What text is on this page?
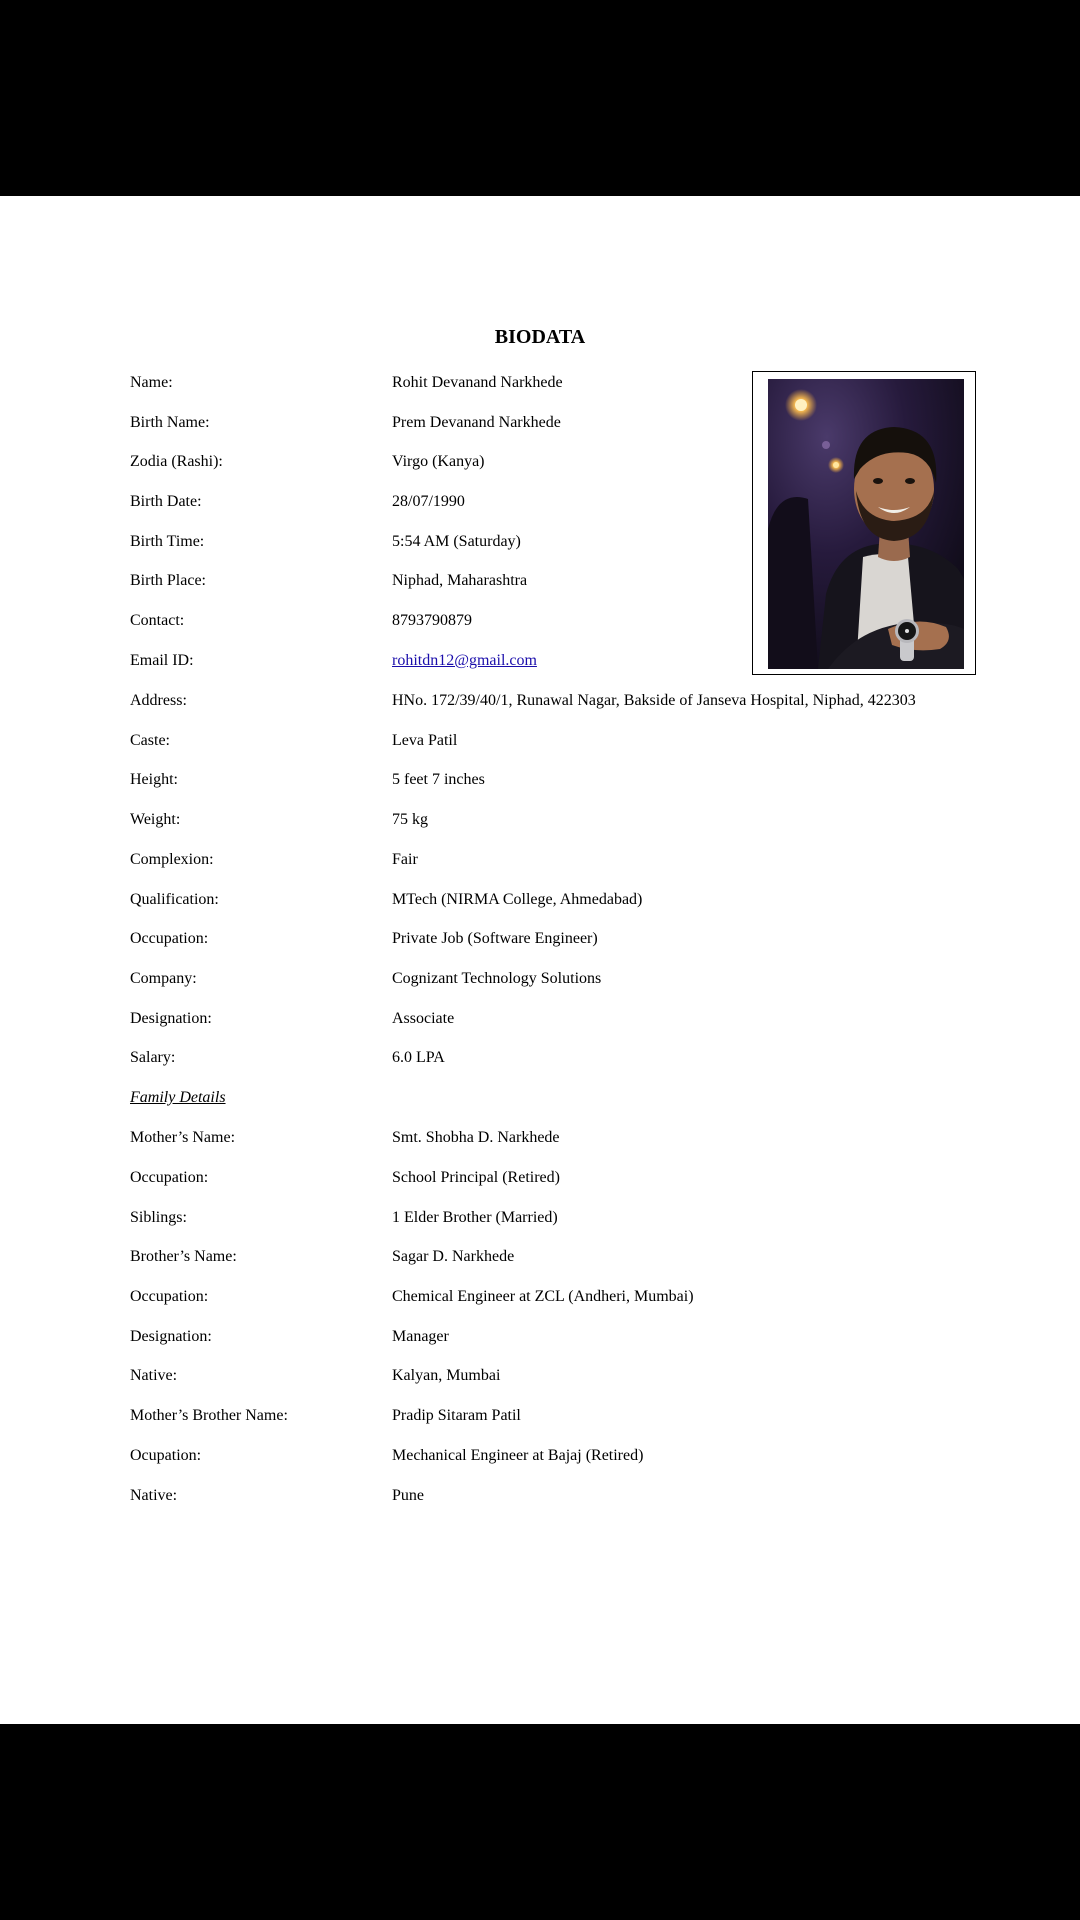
BIODATA
Name:	Rohit Devanand Narkhede
Birth Name:	Prem Devanand Narkhede
Zodia (Rashi):	Virgo (Kanya)
Birth Date:	28/07/1990
Birth Time:	5:54 AM (Saturday)
Birth Place:	Niphad, Maharashtra
Contact:	8793790879
Email ID:	rohitdn12@gmail.com
Address:	HNo. 172/39/40/1, Runawal Nagar, Bakside of Janseva Hospital, Niphad, 422303
Caste:	Leva Patil
Height:	5 feet 7 inches
Weight:	75 kg
Complexion:	Fair
Qualification:	MTech (NIRMA College, Ahmedabad)
Occupation:	Private Job (Software Engineer)
Company:	Cognizant Technology Solutions
Designation:	Associate
Salary:	6.0 LPA
Family Details
Mother’s Name:	Smt. Shobha D. Narkhede
Occupation:	School Principal (Retired)
Siblings:	1 Elder Brother (Married)
Brother’s Name:	Sagar D. Narkhede
Occupation:	Chemical Engineer at ZCL (Andheri, Mumbai)
Designation:	Manager
Native:	Kalyan, Mumbai
Mother’s Brother Name:	Pradip Sitaram Patil
Ocupation:	Mechanical Engineer at Bajaj (Retired)
Native:	Pune
